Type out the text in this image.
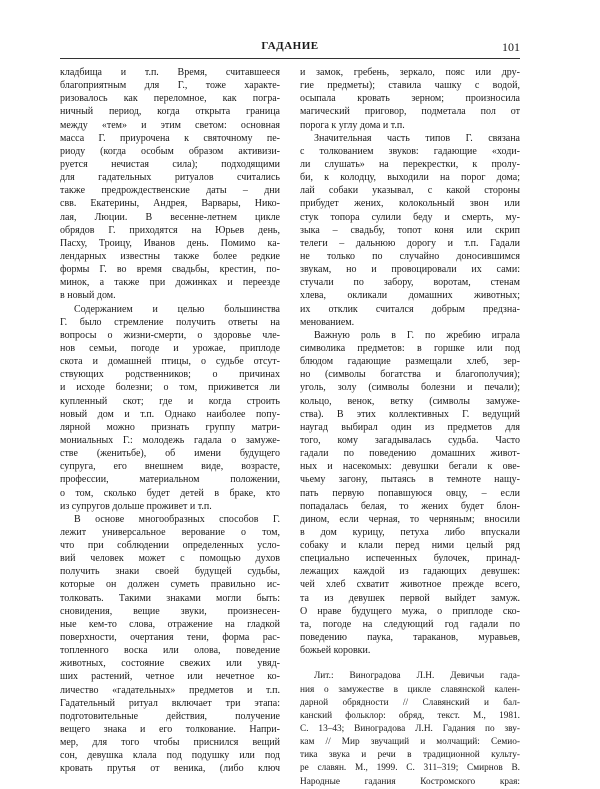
ГАДАНИЕ	101
кладбища и т.п. Время, считавшееся
благоприятным для Г., тоже характе-
ризовалось как переломное, как погра-
ничный период, когда открыта граница
между «тем» и этим светом: основная
масса Г. приурочена к святочному пе-
риоду (когда особым образом активизи-
руется нечистая сила); подходящими
для гадательных ритуалов считались
также предрождественские даты – дни
свв. Екатерины, Андрея, Варвары, Нико-
лая, Люции. В весенне-летнем цикле
обрядов Г. приходятся на Юрьев день,
Пасху, Троицу, Иванов день. Помимо ка-
лендарных известны также более редкие
формы Г. во время свадьбы, крестин, по-
минок, а также при дожинках и переезде
в новый дом.
Содержанием и целью большинства
Г. было стремление получить ответы на
вопросы о жизни-смерти, о здоровье чле-
нов семьи, погоде и урожае, приплоде
скота и домашней птицы, о судьбе отсут-
ствующих родственников; о причинах
и исходе болезни; о том, приживется ли
купленный скот; где и когда строить
новый дом и т.п. Однако наиболее попу-
лярной можно признать группу матри-
мониальных Г.: молодежь гадала о замуже-
стве (женитьбе), об имени будущего
супруга, его внешнем виде, возрасте,
профессии, материальном положении,
о том, сколько будет детей в браке, кто
из супругов дольше проживет и т.п.
В основе многообразных способов Г.
лежит универсальное верование о том,
что при соблюдении определенных усло-
вий человек может с помощью духов
получить знаки своей будущей судьбы,
которые он должен суметь правильно ис-
толковать. Такими знаками могли быть:
сновидения, вещие звуки, произнесен-
ные кем-то слова, отражение на гладкой
поверхности, очертания тени, форма рас-
топленного воска или олова, поведение
животных, состояние свежих или увяд-
ших растений, четное или нечетное ко-
личество «гадательных» предметов и т.п.
Гадательный ритуал включает три этапа:
подготовительные действия, получение
вещего знака и его толкование. Напри-
мер, для того чтобы приснился вещий
сон, девушка клала под подушку или под
кровать прутья от веника, (либо ключ
и замок, гребень, зеркало, пояс или дру-
гие предметы); ставила чашку с водой,
осыпала кровать зерном; произносила
магический приговор, подметала пол от
порога к углу дома и т.п.
Значительная часть типов Г. связана
с толкованием звуков: гадающие «ходи-
ли слушать» на перекрестки, к пролу-
би, к колодцу, выходили на порог дома;
лай собаки указывал, с какой стороны
прибудет жених, колокольный звон или
стук топора сулили беду и смерть, му-
зыка – свадьбу, топот коня или скрип
телеги – дальнюю дорогу и т.п. Гадали
не только по случайно доносившимся
звукам, но и провоцировали их сами:
стучали по забору, воротам, стенам
хлева, окликали домашних животных;
их отклик считался добрым предзна-
менованием.
Важную роль в Г. по жребию играла
символика предметов: в горшке или под
блюдом гадающие размещали хлеб, зер-
но (символы богатства и благополучия);
уголь, золу (символы болезни и печали);
кольцо, венок, ветку (символы замуже-
ства). В этих коллективных Г. ведущий
наугад выбирал один из предметов для
того, кому загадывалась судьба. Часто
гадали по поведению домашних живот-
ных и насекомых: девушки бегали к ове-
чьему загону, пытаясь в темноте нащу-
пать первую попавшуюся овцу, – если
попадалась белая, то жених будет блон-
дином, если черная, то черняным; вносили
в дом курицу, петуха либо впускали
собаку и клали перед ними целый ряд
специально испеченных булочек, принад-
лежащих каждой из гадающих девушек:
чей хлеб схватит животное прежде всего,
та из девушек первой выйдет замуж.
О нраве будущего мужа, о приплоде ско-
та, погоде на следующий год гадали по
поведению паука, тараканов, муравьев,
божьей коровки.
Лит.: Виноградова Л.Н. Девичьи гада-
ния о замужестве в цикле славянской кален-
дарной обрядности // Славянский и бал-
канский фольклор: обряд, текст. М., 1981.
С. 13–43; Виноградова Л.Н. Гадания по зву-
кам // Мир звучащий и молчащий: Семио-
тика звука и речи в традиционной культу-
ре славян. М., 1999. С. 311–319; Смирнов В.
Народные гадания Костромского края:
